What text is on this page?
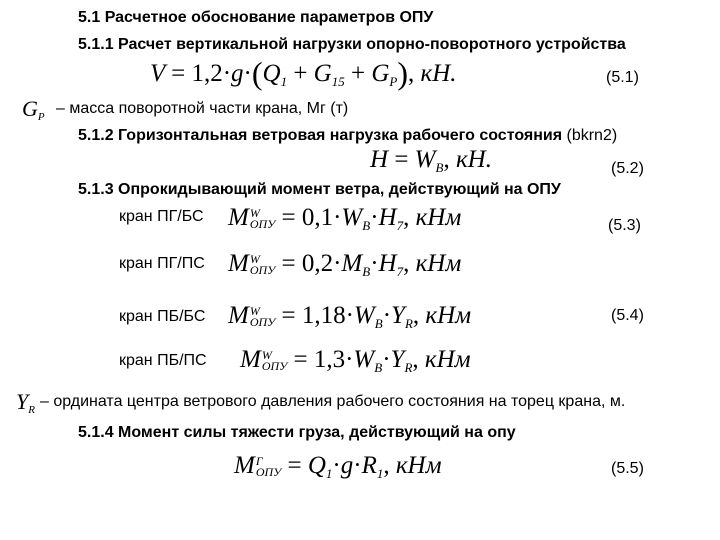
5.1 Расчетное обоснование параметров ОПУ
5.1.1 Расчет вертикальной нагрузки опорно-поворотного устройства
$V = 1,2\cdot g\cdot(Q_1 + G_{15} + G_P)$, кН.	(5.1)
$G_P$ – масса поворотной части крана, Мг (т)
5.1.2 Горизонтальная ветровая нагрузка рабочего состояния (bkrn2)
$H = W_B$, кН.	(5.2)
5.1.3 Опрокидывающий момент ветра, действующий на ОПУ
кран ПГ/БС M W
ОПУ = $0,1\cdot W_B\cdot H_7$, кНм	(5.3)
кран ПГ/ПС M W
ОПУ = $0,2\cdot M_B\cdot H_7$, кНм
кран ПБ/БС M W
ОПУ = $1,18\cdot W_B\cdot Y_R$, кНм	(5.4)
кран ПБ/ПС M W
ОПУ = $1,3\cdot W_B\cdot Y_R$, кНм
$Y_R$ – ордината центра ветрового давления рабочего состояния на торец крана, м.
5.1.4 Момент силы тяжести груза, действующий на опу
M Г
ОПУ = $Q_1\cdot g\cdot R_1$, кНм	(5.5)
